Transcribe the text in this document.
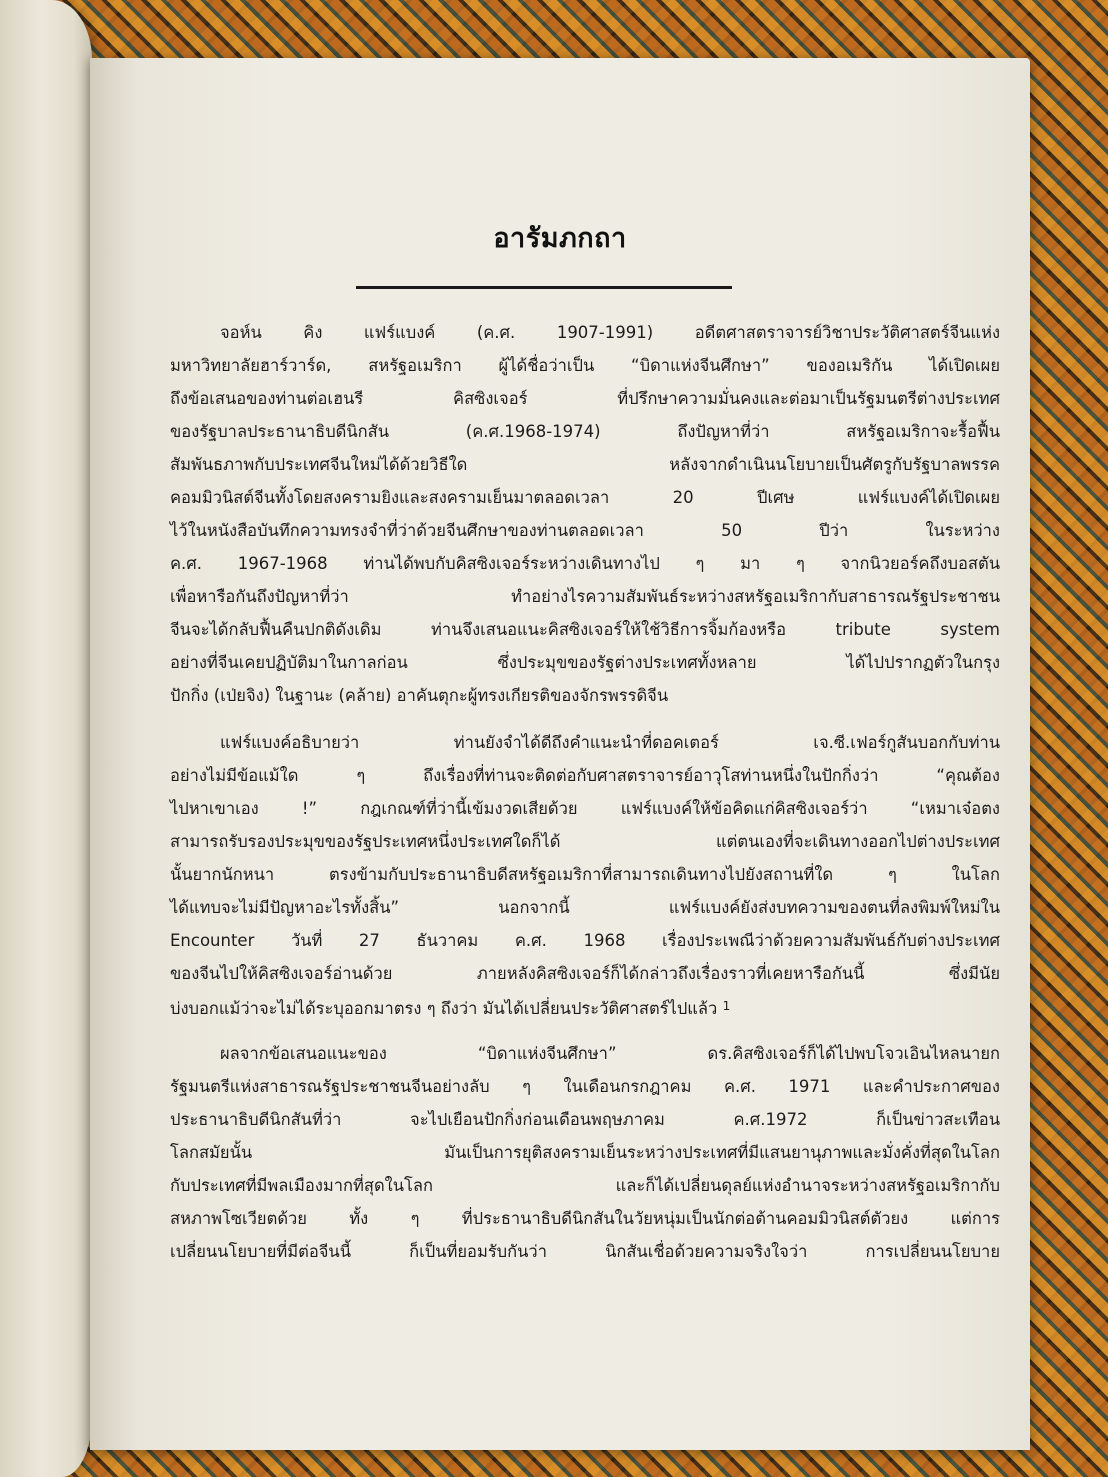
อารัมภกถา
จอห์น คิง แฟร์แบงค์ (ค.ศ. 1907-1991) อดีตศาสตราจารย์วิชาประวัติศาสตร์จีนแห่ง
มหาวิทยาลัยฮาร์วาร์ด, สหรัฐอเมริกา ผู้ได้ชื่อว่าเป็น “บิดาแห่งจีนศึกษา” ของอเมริกัน ได้เปิดเผย
ถึงข้อเสนอของท่านต่อเฮนรี คิสซิงเจอร์ ที่ปรึกษาความมั่นคงและต่อมาเป็นรัฐมนตรีต่างประเทศ
ของรัฐบาลประธานาธิบดีนิกสัน (ค.ศ.1968-1974) ถึงปัญหาที่ว่า สหรัฐอเมริกาจะรื้อฟื้น
สัมพันธภาพกับประเทศจีนใหม่ได้ด้วยวิธีใด หลังจากดำเนินนโยบายเป็นศัตรูกับรัฐบาลพรรค
คอมมิวนิสต์จีนทั้งโดยสงครามยิงและสงครามเย็นมาตลอดเวลา 20 ปีเศษ แฟร์แบงค์ได้เปิดเผย
ไว้ในหนังสือบันทึกความทรงจำที่ว่าด้วยจีนศึกษาของท่านตลอดเวลา 50 ปีว่า ในระหว่าง
ค.ศ. 1967-1968 ท่านได้พบกับคิสซิงเจอร์ระหว่างเดินทางไป ๆ มา ๆ จากนิวยอร์คถึงบอสตัน
เพื่อหารือกันถึงปัญหาที่ว่า ทำอย่างไรความสัมพันธ์ระหว่างสหรัฐอเมริกากับสาธารณรัฐประชาชน
จีนจะได้กลับฟื้นคืนปกติดังเดิม ท่านจึงเสนอแนะคิสซิงเจอร์ให้ใช้วิธีการจิ้มก้องหรือ tribute system
อย่างที่จีนเคยปฏิบัติมาในกาลก่อน ซึ่งประมุขของรัฐต่างประเทศทั้งหลาย ได้ไปปรากฏตัวในกรุง
ปักกิ่ง (เป่ยจิง) ในฐานะ (คล้าย) อาคันตุกะผู้ทรงเกียรติของจักรพรรดิจีน
แฟร์แบงค์อธิบายว่า ท่านยังจำได้ดีถึงคำแนะนำที่ดอคเตอร์ เจ.ซี.เฟอร์กูสันบอกกับท่าน
อย่างไม่มีข้อแม้ใด ๆ ถึงเรื่องที่ท่านจะติดต่อกับศาสตราจารย์อาวุโสท่านหนึ่งในปักกิ่งว่า “คุณต้อง
ไปหาเขาเอง !” กฎเกณฑ์ที่ว่านี้เข้มงวดเสียด้วย แฟร์แบงค์ให้ข้อคิดแก่คิสซิงเจอร์ว่า “เหมาเจ๋อตง
สามารถรับรองประมุขของรัฐประเทศหนึ่งประเทศใดก็ได้ แต่ตนเองที่จะเดินทางออกไปต่างประเทศ
นั้นยากนักหนา ตรงข้ามกับประธานาธิบดีสหรัฐอเมริกาที่สามารถเดินทางไปยังสถานที่ใด ๆ ในโลก
ได้แทบจะไม่มีปัญหาอะไรทั้งสิ้น” นอกจากนี้ แฟร์แบงค์ยังส่งบทความของตนที่ลงพิมพ์ใหม่ใน
Encounter วันที่ 27 ธันวาคม ค.ศ. 1968 เรื่องประเพณีว่าด้วยความสัมพันธ์กับต่างประเทศ
ของจีนไปให้คิสซิงเจอร์อ่านด้วย ภายหลังคิสซิงเจอร์ก็ได้กล่าวถึงเรื่องราวที่เคยหารือกันนี้ ซึ่งมีนัย
บ่งบอกแม้ว่าจะไม่ได้ระบุออกมาตรง ๆ ถึงว่า มันได้เปลี่ยนประวัติศาสตร์ไปแล้ว $^1$
ผลจากข้อเสนอแนะของ “บิดาแห่งจีนศึกษา” ดร.คิสซิงเจอร์ก็ได้ไปพบโจวเอินไหลนายก
รัฐมนตรีแห่งสาธารณรัฐประชาชนจีนอย่างลับ ๆ ในเดือนกรกฎาคม ค.ศ. 1971 และคำประกาศของ
ประธานาธิบดีนิกสันที่ว่า จะไปเยือนปักกิ่งก่อนเดือนพฤษภาคม ค.ศ.1972 ก็เป็นข่าวสะเทือน
โลกสมัยนั้น มันเป็นการยุติสงครามเย็นระหว่างประเทศที่มีแสนยานุภาพและมั่งคั่งที่สุดในโลก
กับประเทศที่มีพลเมืองมากที่สุดในโลก และก็ได้เปลี่ยนดุลย์แห่งอำนาจระหว่างสหรัฐอเมริกากับ
สหภาพโซเวียตด้วย ทั้ง ๆ ที่ประธานาธิบดีนิกสันในวัยหนุ่มเป็นนักต่อต้านคอมมิวนิสต์ตัวยง แต่การ
เปลี่ยนนโยบายที่มีต่อจีนนี้ ก็เป็นที่ยอมรับกันว่า นิกสันเชื่อด้วยความจริงใจว่า การเปลี่ยนนโยบาย
